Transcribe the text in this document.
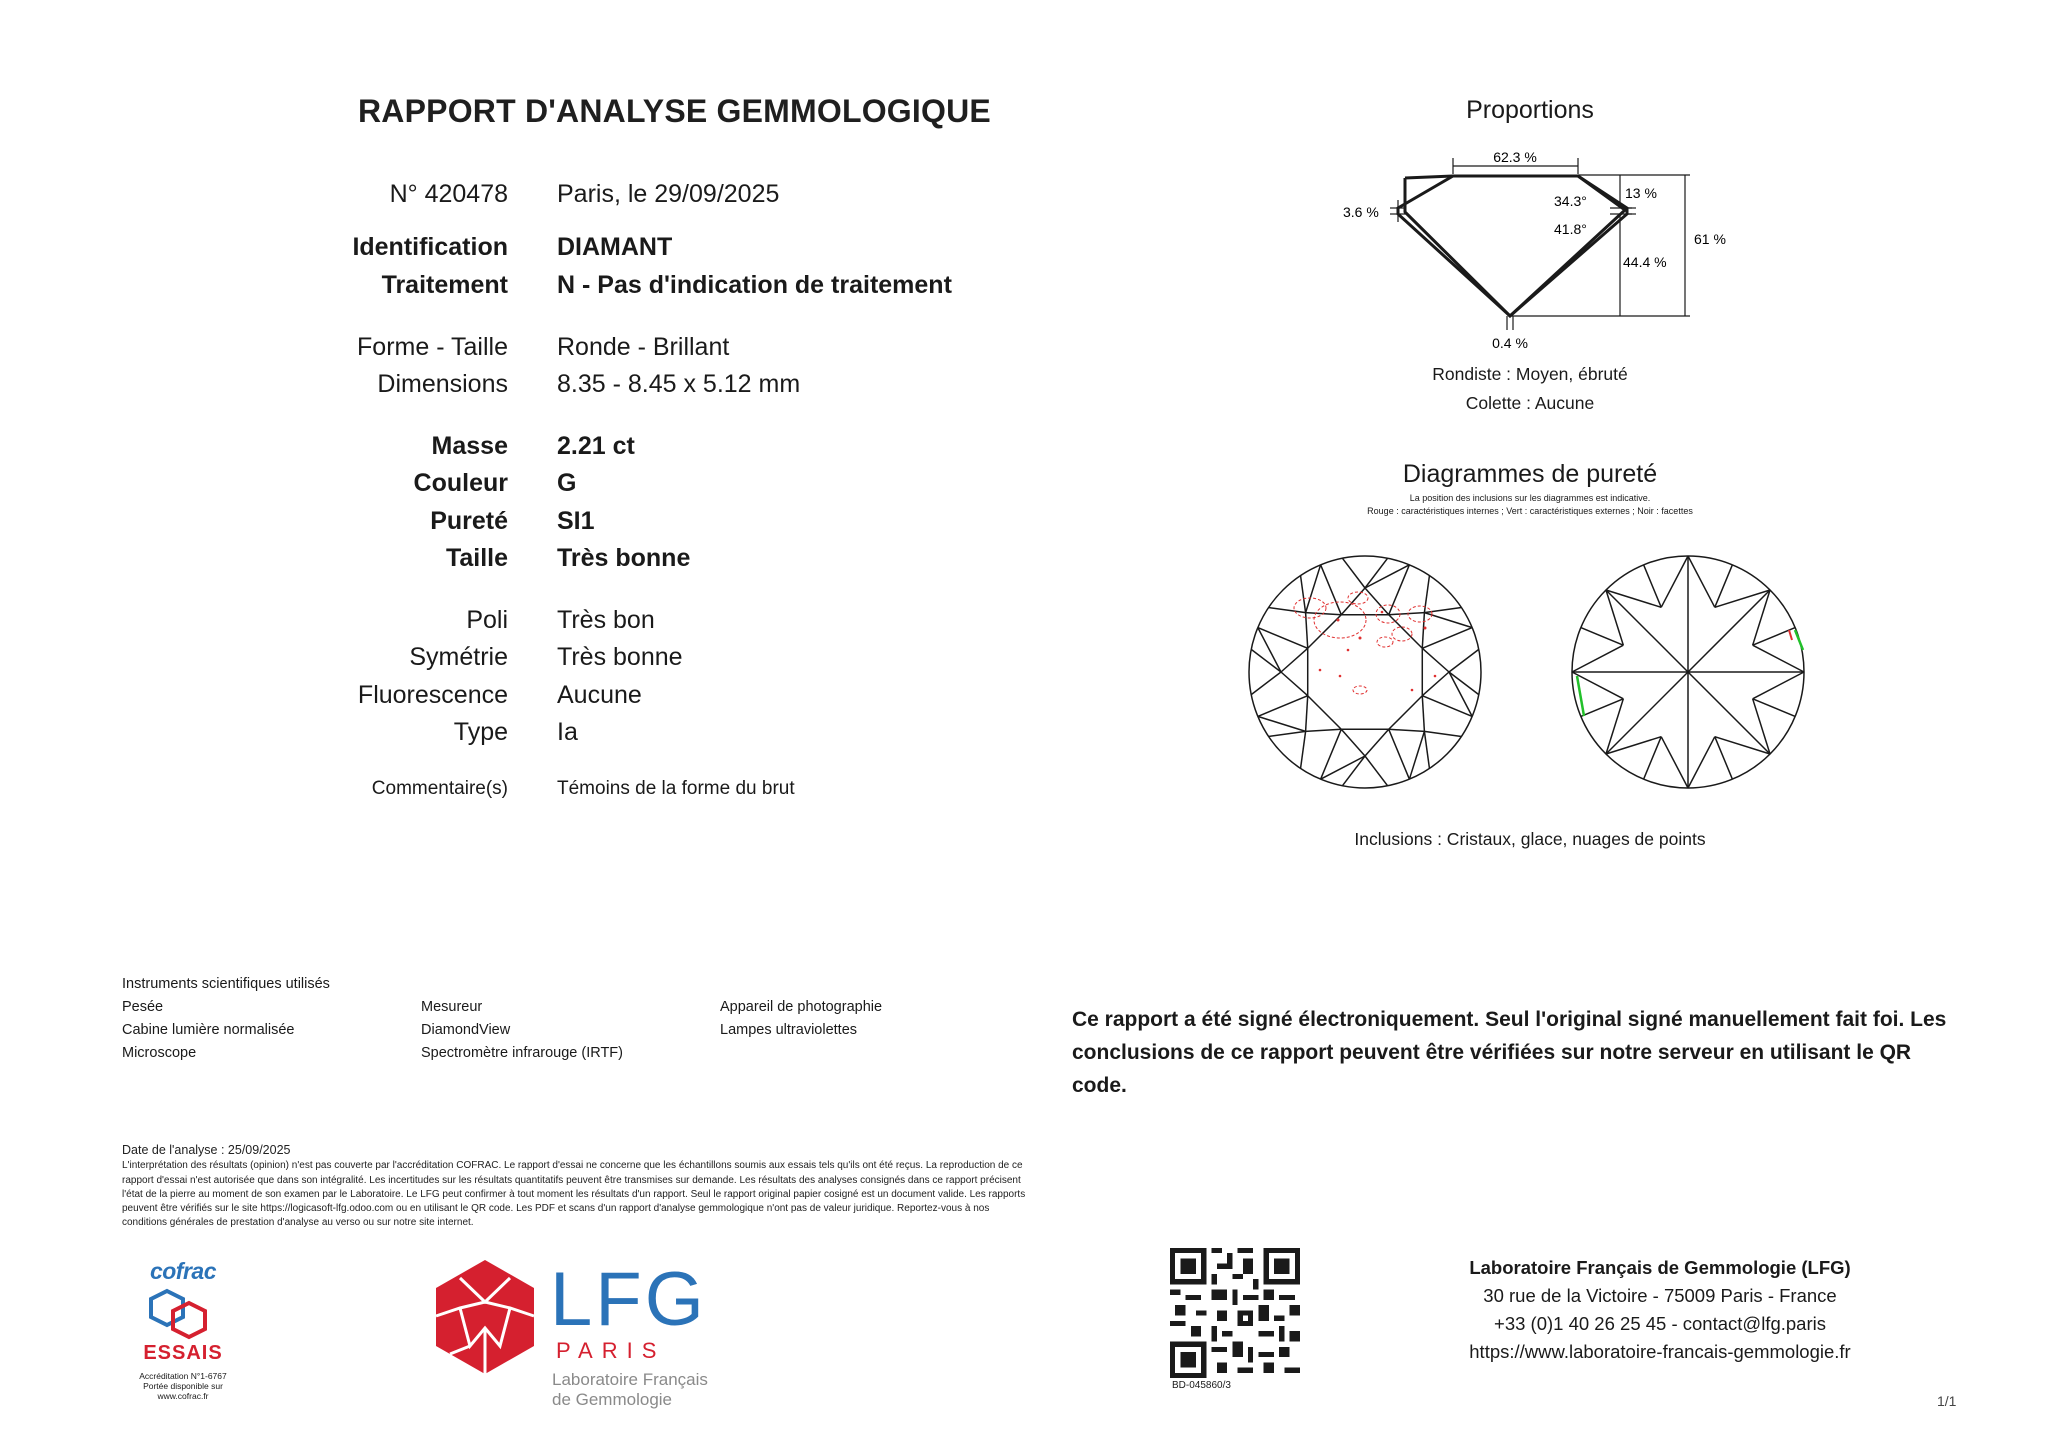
RAPPORT D'ANALYSE GEMMOLOGIQUE
N° 420478 Paris, le 29/09/2025
Identification DIAMANT
Traitement N - Pas d'indication de traitement
Forme - Taille Ronde - Brillant
Dimensions 8.35 - 8.45 x 5.12 mm
Masse 2.21 ct
Couleur G
Pureté SI1
Taille Très bonne
Poli Très bon
Symétrie Très bonne
Fluorescence Aucune
Type Ia
Commentaire(s)	Témoins de la forme du brut
Proportions
62.3 %
13 %
61 %
44.4 %
3.6 %
0.4 %
34.3°
41.8°
Rondiste : Moyen, ébruté
Colette : Aucune
Diagrammes de pureté
La position des inclusions sur les diagrammes est indicative.
Rouge : caractéristiques internes ; Vert : caractéristiques externes ; Noir : facettes
Inclusions : Cristaux, glace, nuages de points
Instruments scientifiques utilisés
Pesée
Cabine lumière normalisée
Microscope
Mesureur
DiamondView
Spectromètre infrarouge (IRTF)
Appareil de photographie
Lampes ultraviolettes	Ce rapport a été signé électroniquement. Seul l'original signé manuellement fait foi. Les conclusions de ce rapport peuvent être vérifiées sur notre serveur en utilisant le QR code.
Date de l'analyse : 25/09/2025
L'interprétation des résultats (opinion) n'est pas couverte par l'accréditation COFRAC. Le rapport d'essai ne concerne que les échantillons soumis aux essais tels qu'ils ont été reçus. La reproduction de ce rapport d'essai n'est autorisée que dans son intégralité. Les incertitudes sur les résultats quantitatifs peuvent être transmises sur demande. Les résultats des analyses consignés dans ce rapport précisent l'état de la pierre au moment de son examen par le Laboratoire. Le LFG peut confirmer à tout moment les résultats d'un rapport. Seul le rapport original papier cosigné est un document valide. Les rapports peuvent être vérifiés sur le site https://logicasoft-lfg.odoo.com ou en utilisant le QR code. Les PDF et scans d'un rapport d'analyse gemmologique n'ont pas de valeur juridique. Reportez-vous à nos conditions générales de prestation d'analyse au verso ou sur notre site internet.
cofrac
ESSAIS
Accréditation N°1-6767
Portée disponible sur
www.cofrac.fr
LFG
PARIS
Laboratoire Français
de Gemmologie
BD-045860/3
Laboratoire Français de Gemmologie (LFG)
30 rue de la Victoire - 75009 Paris - France
+33 (0)1 40 26 25 45 - contact@lfg.paris
https://www.laboratoire-francais-gemmologie.fr
1/1
